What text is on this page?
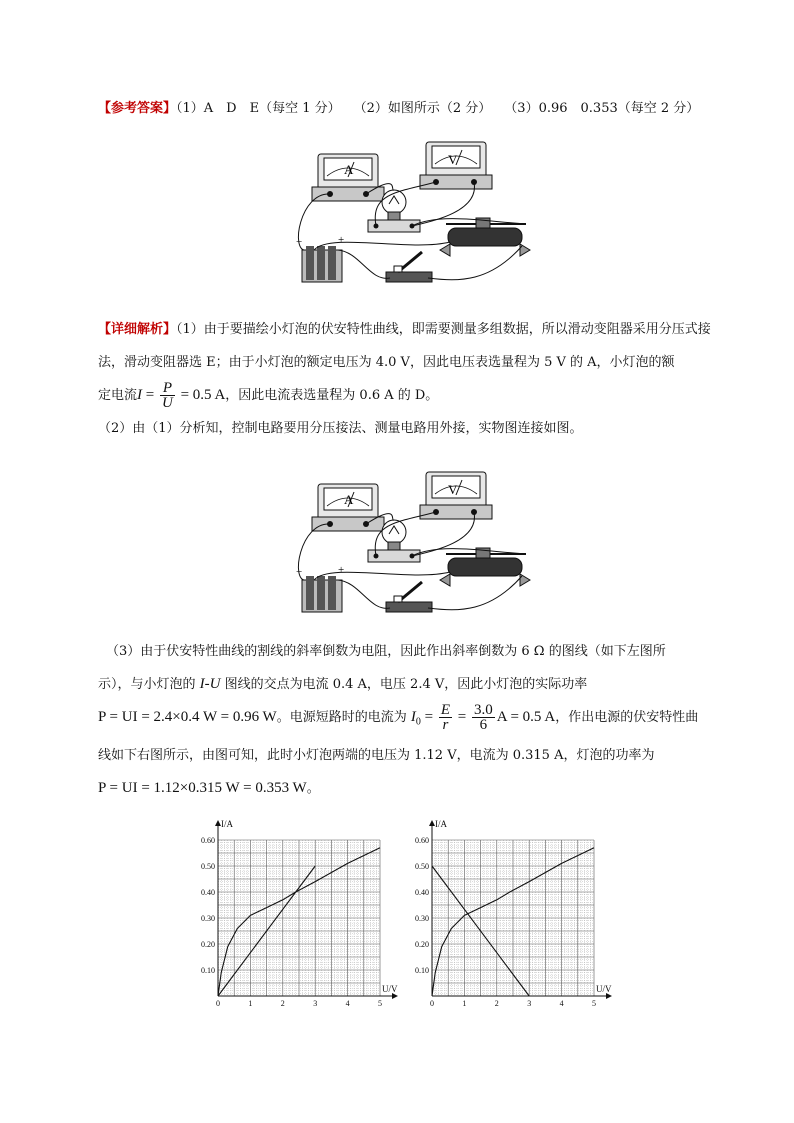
【参考答案】（1）A　D　E（每空 1 分）　　（2）如图所示（2 分）　　（3）0.96　0.353（每空 2 分）
A
V
−	+
【详细解析】（1）由于要描绘小灯泡的伏安特性曲线，即需要测量多组数据，所以滑动变阻器采用分压式接法，滑动变阻器选 E；由于小灯泡的额定电压为 4.0 V，因此电压表选量程为 5 V 的 A，小灯泡的额
定电流$I = \frac{P}{U} = 0.5$ A，因此电流表选量程为 0.6 A 的 D。
（2）由（1）分析知，控制电路要用分压接法、测量电路用外接，实物图连接如图。
A
V
−	+
（3）由于伏安特性曲线的割线的斜率倒数为电阻，因此作出斜率倒数为 6 Ω 的图线（如下左图所
示），与小灯泡的 I-U 图线的交点为电流 0.4 A，电压 2.4 V，因此小灯泡的实际功率
P = UI = 2.4×0.4 W = 0.96 W。电源短路时的电流为 $I_0 = \frac{E}{r} = \frac{3.0}{6}$ A = 0.5 A，作出电源的伏安特性曲
线如下右图所示，由图可知，此时小灯泡两端的电压为 1.12 V，电流为 0.315 A，灯泡的功率为
P = UI = 1.12×0.315 W = 0.353 W。
0	1	2	3	4	5
0.10
0.20
0.30
0.40
0.50
0.60
I/A
U/V
0	1	2	3	4	5
0.10
0.20
0.30
0.40
0.50
0.60
I/A
U/V
